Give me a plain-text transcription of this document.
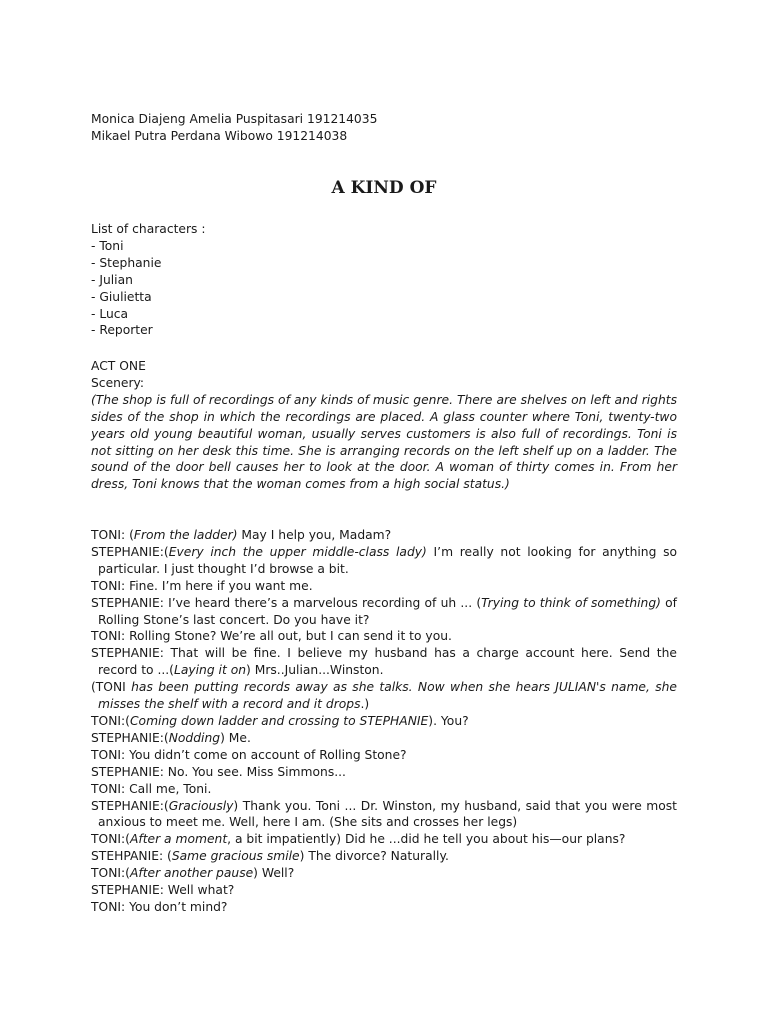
Monica Diajeng Amelia Puspitasari 191214035

Mikael Putra Perdana Wibowo 191214038

A KIND OF

List of characters :

- Toni

- Stephanie

- Julian

- Giulietta

- Luca

- Reporter

ACT ONE

Scenery:

(The shop is full of recordings of any kinds of music genre. There are shelves on left and rights sides of the shop in which the recordings are placed. A glass counter where Toni, twenty-two years old young beautiful woman, usually serves customers is also full of recordings. Toni is not sitting on her desk this time. She is arranging records on the left shelf up on a ladder. The sound of the door bell causes her to look at the door. A woman of thirty comes in. From her dress, Toni knows that the woman comes from a high social status.)

TONI: (From the ladder) May I help you, Madam?

STEPHANIE:(Every inch the upper middle-class lady) I’m really not looking for anything so particular. I just thought I’d browse a bit.

TONI: Fine. I’m here if you want me.

STEPHANIE: I’ve heard there’s a marvelous recording of uh ... (Trying to think of something) of Rolling Stone’s last concert. Do you have it?

TONI: Rolling Stone? We’re all out, but I can send it to you.

STEPHANIE: That will be fine. I believe my husband has a charge account here. Send the record to ...(Laying it on) Mrs..Julian...Winston.

(TONI has been putting records away as she talks. Now when she hears JULIAN's name, she misses the shelf with a record and it drops.)

TONI:(Coming down ladder and crossing to STEPHANIE). You?

STEPHANIE:(Nodding) Me.

TONI: You didn’t come on account of Rolling Stone?

STEPHANIE: No. You see. Miss Simmons...

TONI: Call me, Toni.

STEPHANIE:(Graciously) Thank you. Toni ... Dr. Winston, my husband, said that you were most anxious to meet me. Well, here I am. (She sits and crosses her legs)

TONI:(After a moment, a bit impatiently) Did he ...did he tell you about his—our plans?

STEHPANIE: (Same gracious smile) The divorce? Naturally.

TONI:(After another pause) Well?

STEPHANIE: Well what?

TONI: You don’t mind?
